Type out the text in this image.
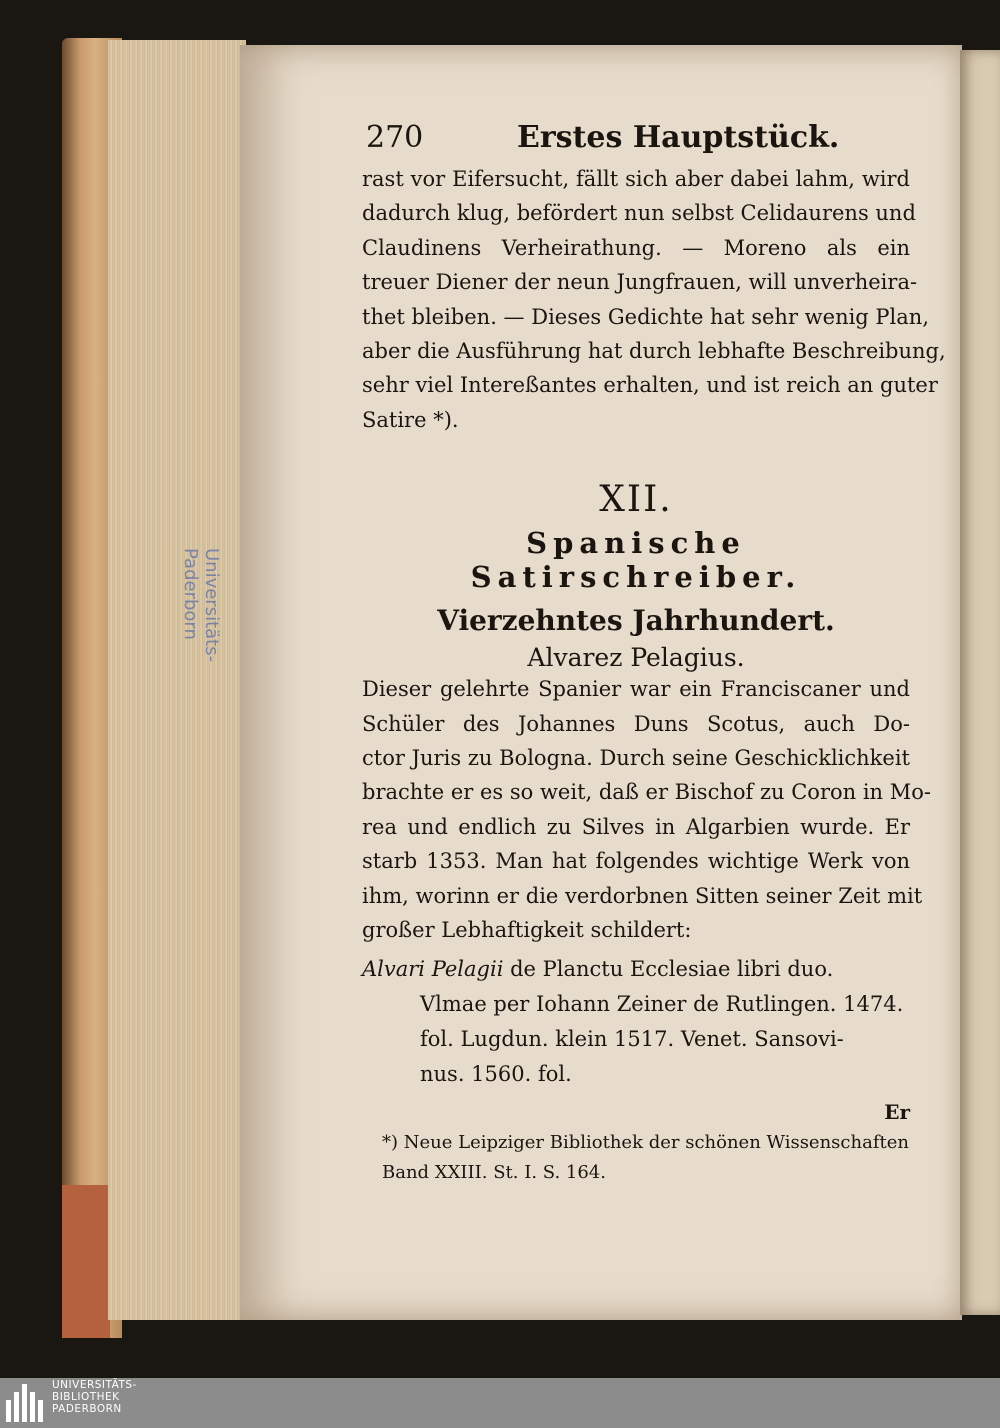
Universitäts-
Paderborn
270	Erstes Hauptstück.

rast vor Eifersucht, fällt sich aber dabei lahm, wird
dadurch klug, befördert nun selbst Celidaurens und
Claudinens Verheirathung. — Moreno als ein
treuer Diener der neun Jungfrauen, will unverheira-
thet bleiben. — Dieses Gedichte hat sehr wenig Plan,
aber die Ausführung hat durch lebhafte Beschreibung,
sehr viel Intereßantes erhalten, und ist reich an guter
Satire *).

XII.
Spanische Satirschreiber.
Vierzehntes Jahrhundert.
Alvarez Pelagius.

Dieser gelehrte Spanier war ein Franciscaner und
Schüler des Johannes Duns Scotus, auch Do-
ctor Juris zu Bologna. Durch seine Geschicklichkeit
brachte er es so weit, daß er Bischof zu Coron in Mo-
rea und endlich zu Silves in Algarbien wurde. Er
starb 1353. Man hat folgendes wichtige Werk von
ihm, worinn er die verdorbnen Sitten seiner Zeit mit
großer Lebhaftigkeit schildert:

Alvari Pelagii de Planctu Ecclesiae libri duo.
Vlmae per Iohann Zeiner de Rutlingen. 1474.
fol. Lugdun. klein 1517. Venet. Sansovi-
nus. 1560. fol.
Er
*) Neue Leipziger Bibliothek der schönen Wissenschaften
Band XXIII. St. I. S. 164.
UNIVERSITÄTS-
BIBLIOTHEK
PADERBORN
